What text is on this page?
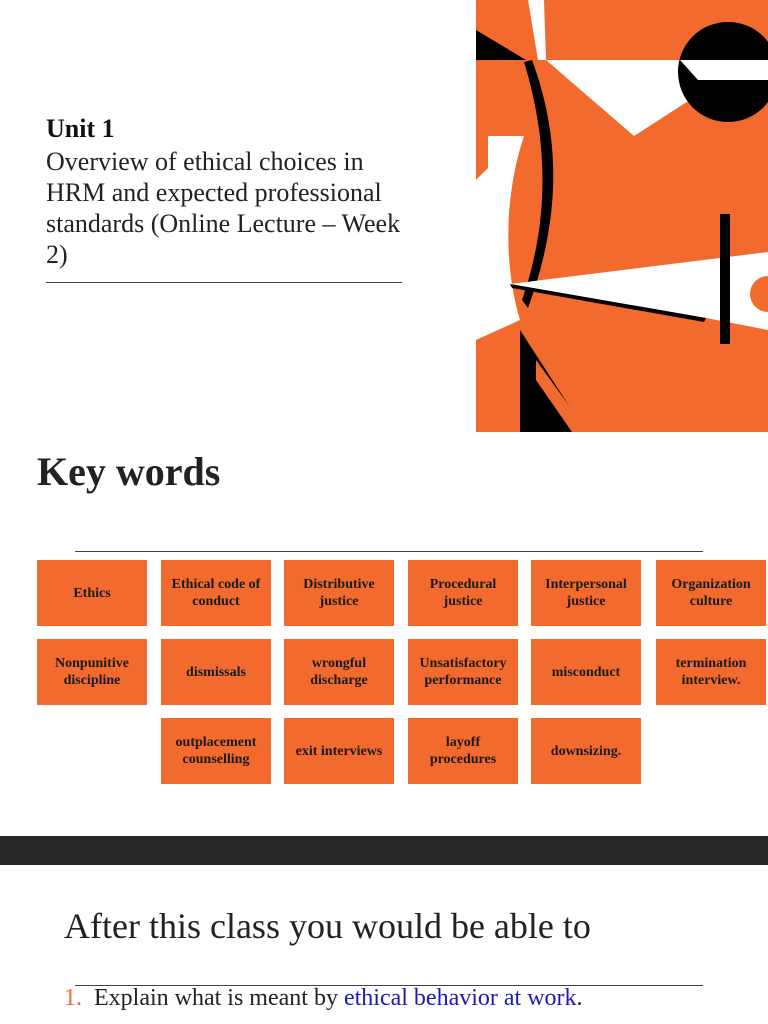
Unit 1
Overview of ethical choices in HRM and expected professional standards (Online Lecture – Week 2)
Key words
Ethics
Ethical code of conduct
Distributive justice
Procedural justice
Interpersonal justice
Organization culture
Nonpunitive discipline
dismissals
wrongful discharge
Unsatisfactory performance
misconduct
termination interview.
outplacement counselling
exit interviews
layoff procedures
downsizing.
After this class you would be able to
1. Explain what is meant by ethical behavior at work.
